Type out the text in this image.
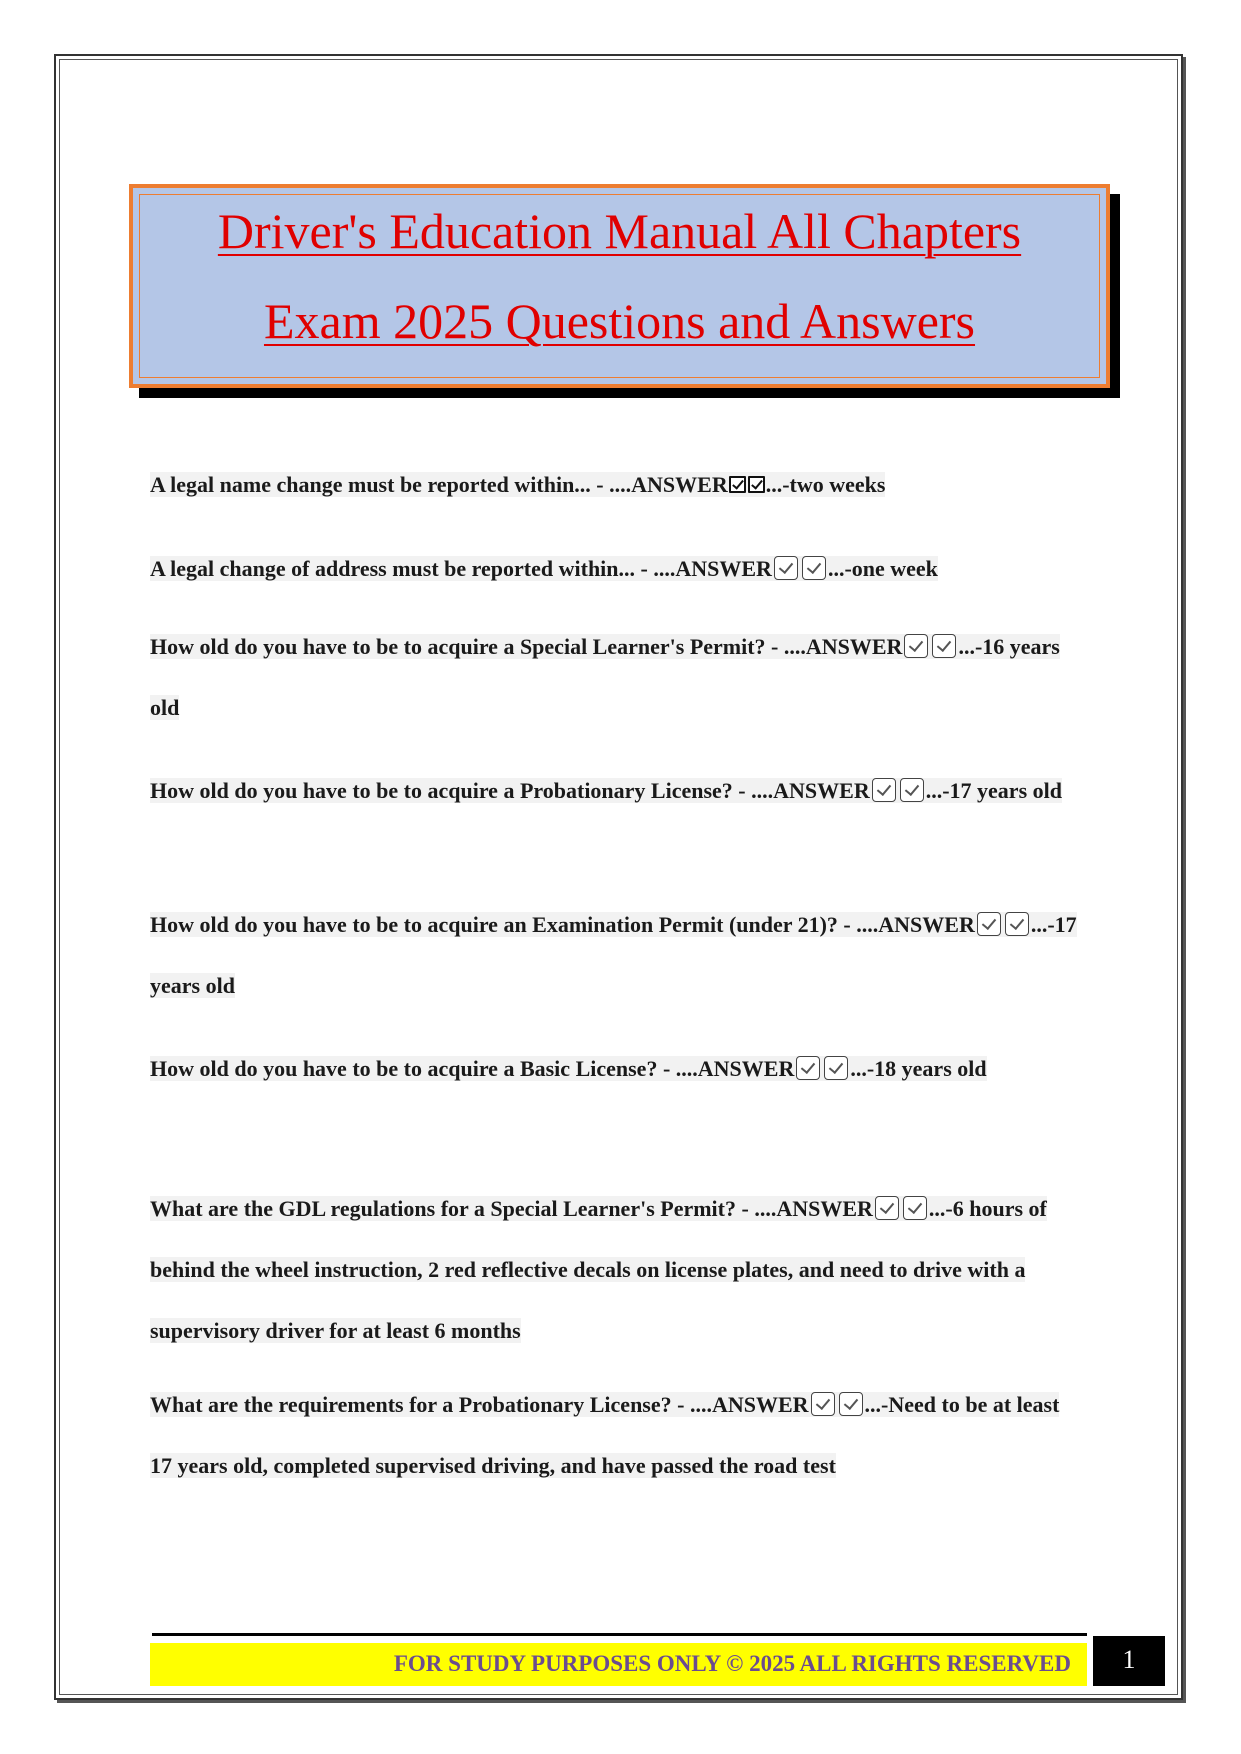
Driver's Education Manual All Chapters
Exam 2025 Questions and Answers

A legal name change must be reported within... - ....ANSWER ...-two weeks

A legal change of address must be reported within... - ....ANSWER	...-one week

How old do you have to be to acquire a Special Learner's Permit? - ....ANSWER	...-16 years old

How old do you have to be to acquire a Probationary License? - ....ANSWER	...-17 years old

How old do you have to be to acquire an Examination Permit (under 21)? - ....ANSWER	...-17 years old

How old do you have to be to acquire a Basic License? - ....ANSWER	...-18 years old

What are the GDL regulations for a Special Learner's Permit? - ....ANSWER	...-6 hours of behind the wheel instruction, 2 red reflective decals on license plates, and need to drive with a supervisory driver for at least 6 months

What are the requirements for a Probationary License? - ....ANSWER	...-Need to be at least 17 years old, completed supervised driving, and have passed the road test

FOR STUDY PURPOSES ONLY © 2025 ALL RIGHTS RESERVED	1
